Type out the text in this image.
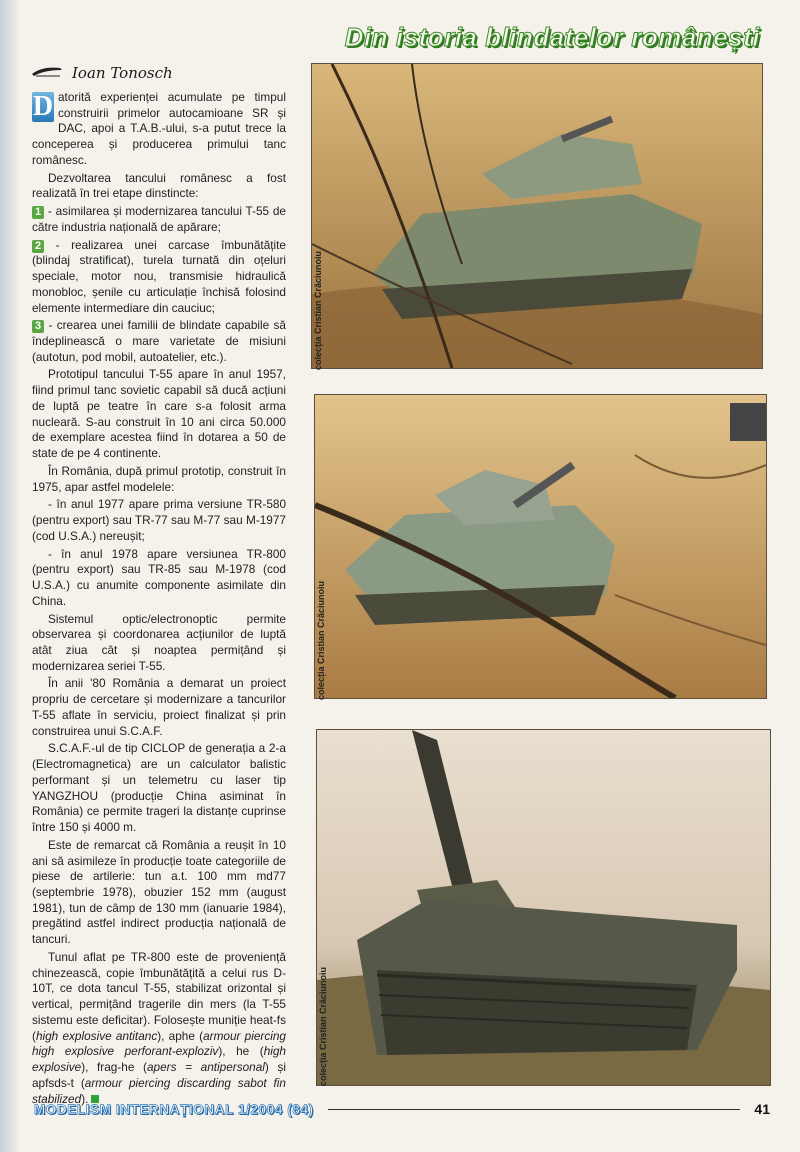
Din istoria blindatelor românești
Ioan Tonosch

D atorită experienței acumulate pe timpul construirii primelor autocamioane SR și DAC, apoi a T.A.B.-ului, s-a putut trece la conceperea și producerea primului tanc românesc.

Dezvoltarea tancului românesc a fost realizată în trei etape dinstincte:

1 - asimilarea și modernizarea tancului T-55 de către industria națională de apărare;

2 - realizarea unei carcase îmbunătățite (blindaj stratificat), turela turnată din oțeluri speciale, motor nou, transmisie hidraulică monobloc, șenile cu articulație închisă folosind elemente intermediare din cauciuc;

3 - crearea unei familii de blindate capabile să îndeplinească o mare varietate de misiuni (autotun, pod mobil, autoatelier, etc.).

Prototipul tancului T-55 apare în anul 1957, fiind primul tanc sovietic capabil să ducă acțiuni de luptă pe teatre în care s-a folosit arma nucleară. S-au construit în 10 ani circa 50.000 de exemplare acestea fiind în dotarea a 50 de state de pe 4 continente.

În România, după primul prototip, construit în 1975, apar astfel modelele:

- în anul 1977 apare prima versiune TR-580 (pentru export) sau TR-77 sau M-77 sau M-1977 (cod U.S.A.) nereușit;

- în anul 1978 apare versiunea TR-800 (pentru export) sau TR-85 sau M-1978 (cod U.S.A.) cu anumite componente asimilate din China.

Sistemul optic/electronoptic permite observarea și coordonarea acțiunilor de luptă atât ziua cât și noaptea permițând și modernizarea seriei T-55.

În anii '80 România a demarat un proiect propriu de cercetare și modernizare a tancurilor T-55 aflate în serviciu, proiect finalizat și prin construirea unui S.C.A.F.

S.C.A.F.-ul de tip CICLOP de generația a 2-a (Electromagnetica) are un calculator balistic performant și un telemetru cu laser tip YANGZHOU (producție China asiminat în România) ce permite trageri la distanțe cuprinse între 150 și 4000 m.

Este de remarcat că România a reușit în 10 ani să asimileze în producție toate categoriile de piese de artilerie: tun a.t. 100 mm md77 (septembrie 1978), obuzier 152 mm (august 1981), tun de câmp de 130 mm (ianuarie 1984), pregătind astfel indirect producția națională de tancuri.

Tunul aflat pe TR-800 este de proveniență chinezească, copie îmbunătățită a celui rus D-10T, ce dota tancul T-55, stabilizat orizontal și vertical, permițând tragerile din mers (la T-55 sistemu este deficitar). Folosește muniție heat-fs (high explosive antitanc), aphe (armour piercing high explosive perforant-exploziv), he (high explosive), frag-he (apers = antipersonal) și apfsds-t (armour piercing discarding sabot fin stabilized).

colecția Cristian Crăciunoiu
colecția Cristian Crăciunoiu
colecția Cristian Crăciunoiu
MODELISM INTERNAȚIONAL 1/2004 (84)	41
